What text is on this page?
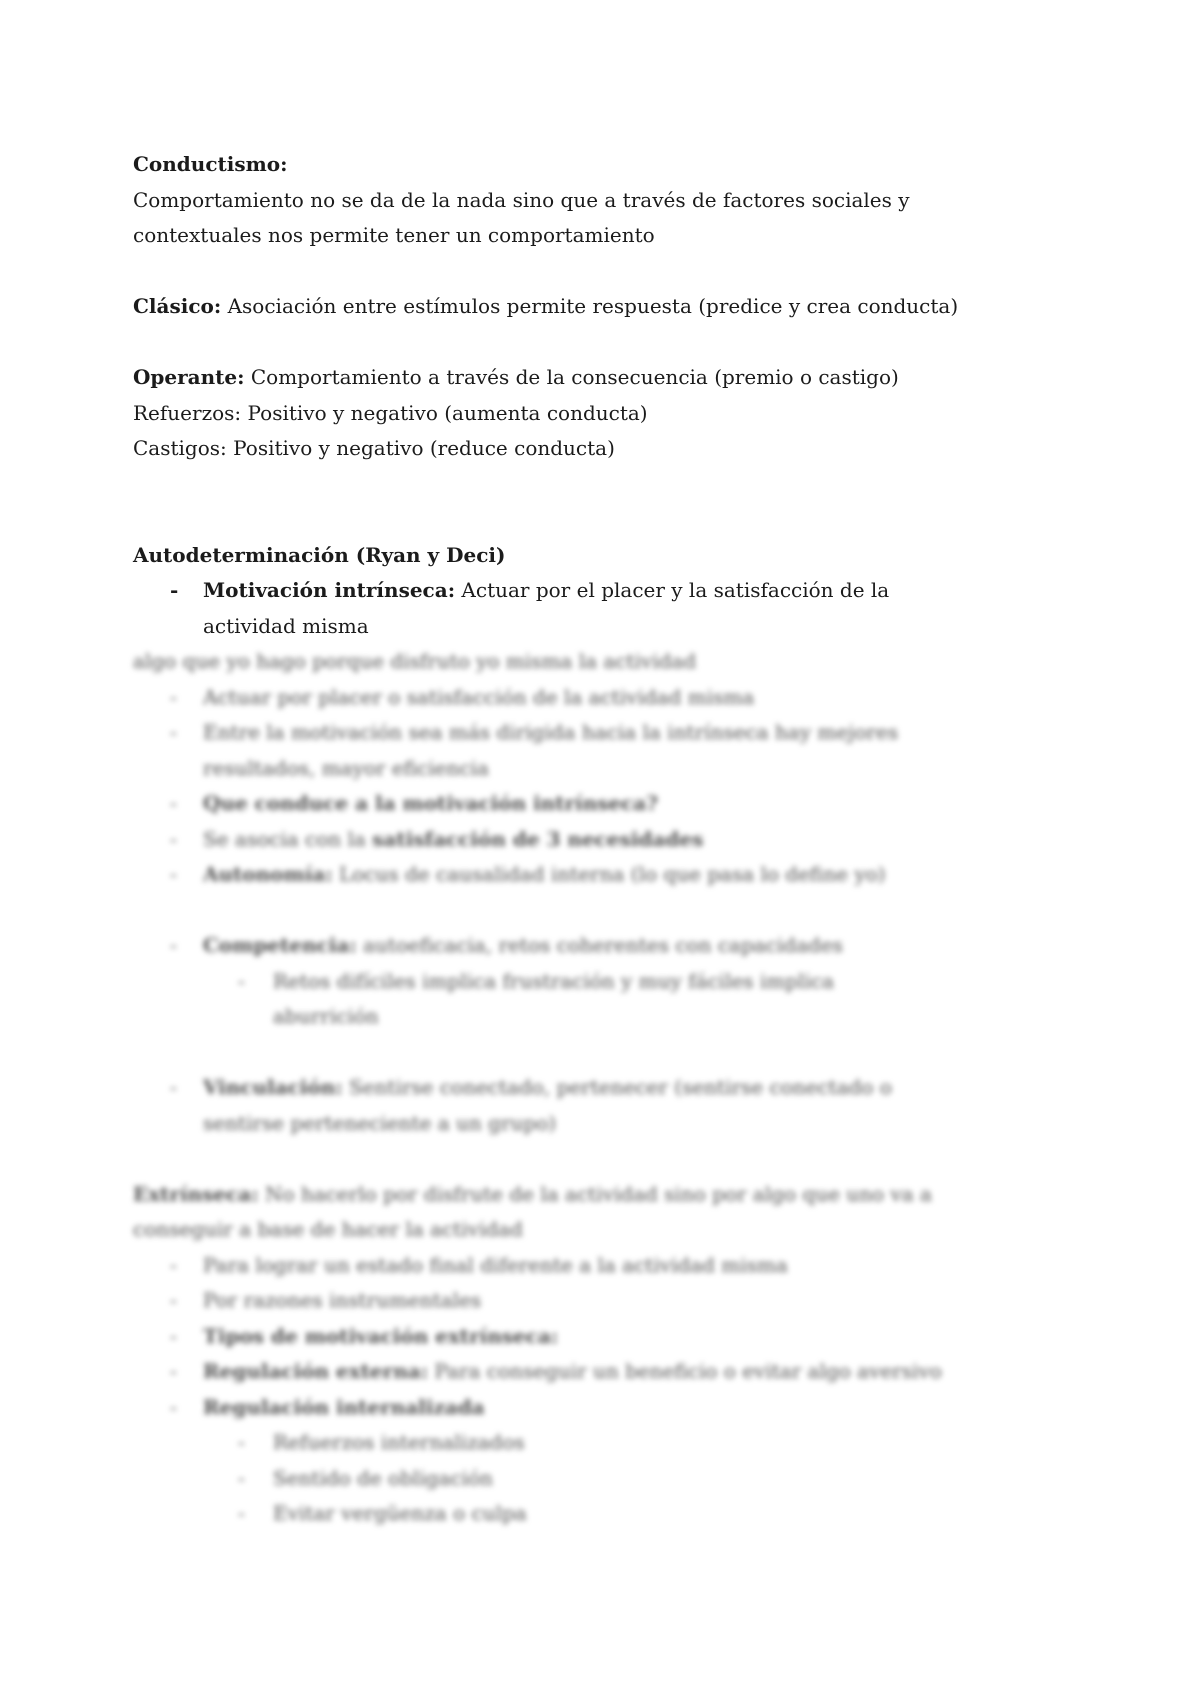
Conductismo:
Comportamiento no se da de la nada sino que a través de factores sociales y
contextuales nos permite tener un comportamiento
Clásico: Asociación entre estímulos permite respuesta (predice y crea conducta)
Operante: Comportamiento a través de la consecuencia (premio o castigo)
Refuerzos: Positivo y negativo (aumenta conducta)
Castigos: Positivo y negativo (reduce conducta)
Autodeterminación (Ryan y Deci)
- Motivación intrínseca: Actuar por el placer y la satisfacción de la
actividad misma
algo que yo hago porque disfruto yo misma la actividad
- Actuar por placer o satisfacción de la actividad misma
- Entre la motivación sea más dirigida hacia la intrínseca hay mejores
resultados, mayor eficiencia
- Que conduce a la motivación intrínseca?
- Se asocia con la satisfacción de 3 necesidades
- Autonomía: Locus de causalidad interna (lo que pasa lo define yo)
- Competencia: autoeficacia, retos coherentes con capacidades
- Retos difíciles implica frustración y muy fáciles implica
aburrición
- Vinculación: Sentirse conectado, pertenecer (sentirse conectado o
sentirse perteneciente a un grupo)
Extrínseca: No hacerlo por disfrute de la actividad sino por algo que uno va a
conseguir a base de hacer la actividad
- Para lograr un estado final diferente a la actividad misma
- Por razones instrumentales
- Tipos de motivación extrínseca:
- Regulación externa: Para conseguir un beneficio o evitar algo aversivo
- Regulación internalizada
- Refuerzos internalizados
- Sentido de obligación
- Evitar vergüenza o culpa
